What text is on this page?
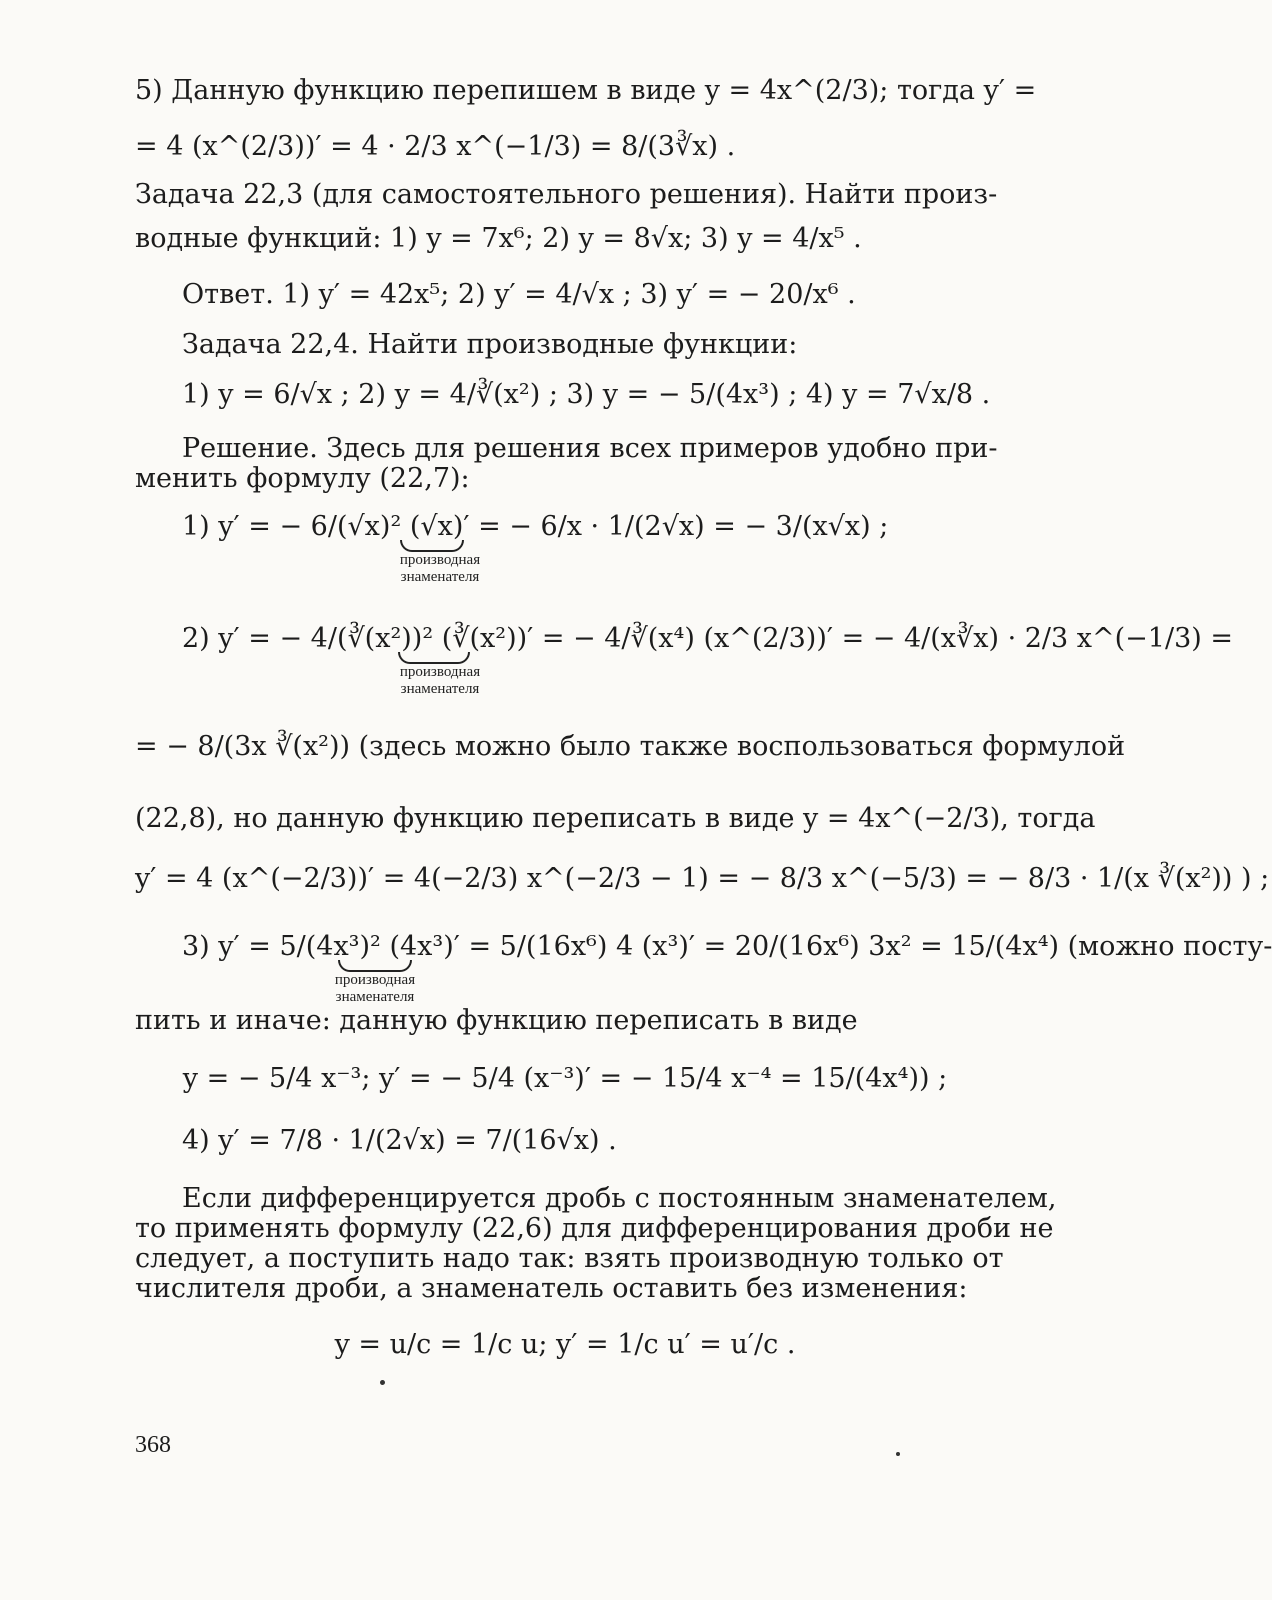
5) Данную функцию перепишем в виде y = 4x^(2/3); тогда y′ =
= 4 (x^(2/3))′ = 4 · 2/3 x^(−1/3) = 8/(3∛x) .
Задача 22,3 (для самостоятельного решения). Найти произ-
водные функций: 1) y = 7x⁶; 2) y = 8√x; 3) y = 4/x⁵ .
Ответ. 1) y′ = 42x⁵; 2) y′ = 4/√x ; 3) y′ = − 20/x⁶ .
Задача 22,4. Найти производные функции:
1) y = 6/√x ; 2) y = 4/∛(x²) ; 3) y = − 5/(4x³) ; 4) y = 7√x/8 .
Решение. Здесь для решения всех примеров удобно при-
менить формулу (22,7):
1) y′ = − 6/(√x)² (√x)′ = − 6/x · 1/(2√x) = − 3/(x√x) ;
производная
знаменателя
2) y′ = − 4/(∛(x²))² (∛(x²))′ = − 4/∛(x⁴) (x^(2/3))′ = − 4/(x∛x) · 2/3 x^(−1/3) =
производная
знаменателя
= − 8/(3x ∛(x²)) (здесь можно было также воспользоваться формулой
(22,8), но данную функцию переписать в виде y = 4x^(−2/3), тогда
y′ = 4 (x^(−2/3))′ = 4(−2/3) x^(−2/3 − 1) = − 8/3 x^(−5/3) = − 8/3 · 1/(x ∛(x²)) ) ;
3) y′ = 5/(4x³)² (4x³)′ = 5/(16x⁶) 4 (x³)′ = 20/(16x⁶) 3x² = 15/(4x⁴) (можно посту-
производная
знаменателя
пить и иначе: данную функцию переписать в виде
y = − 5/4 x⁻³; y′ = − 5/4 (x⁻³)′ = − 15/4 x⁻⁴ = 15/(4x⁴)) ;
4) y′ = 7/8 · 1/(2√x) = 7/(16√x) .
Если дифференцируется дробь с постоянным знаменателем,
то применять формулу (22,6) для дифференцирования дроби не
следует, а поступить надо так: взять производную только от
числителя дроби, а знаменатель оставить без изменения:
y = u/c = 1/c u; y′ = 1/c u′ = u′/c .
368
